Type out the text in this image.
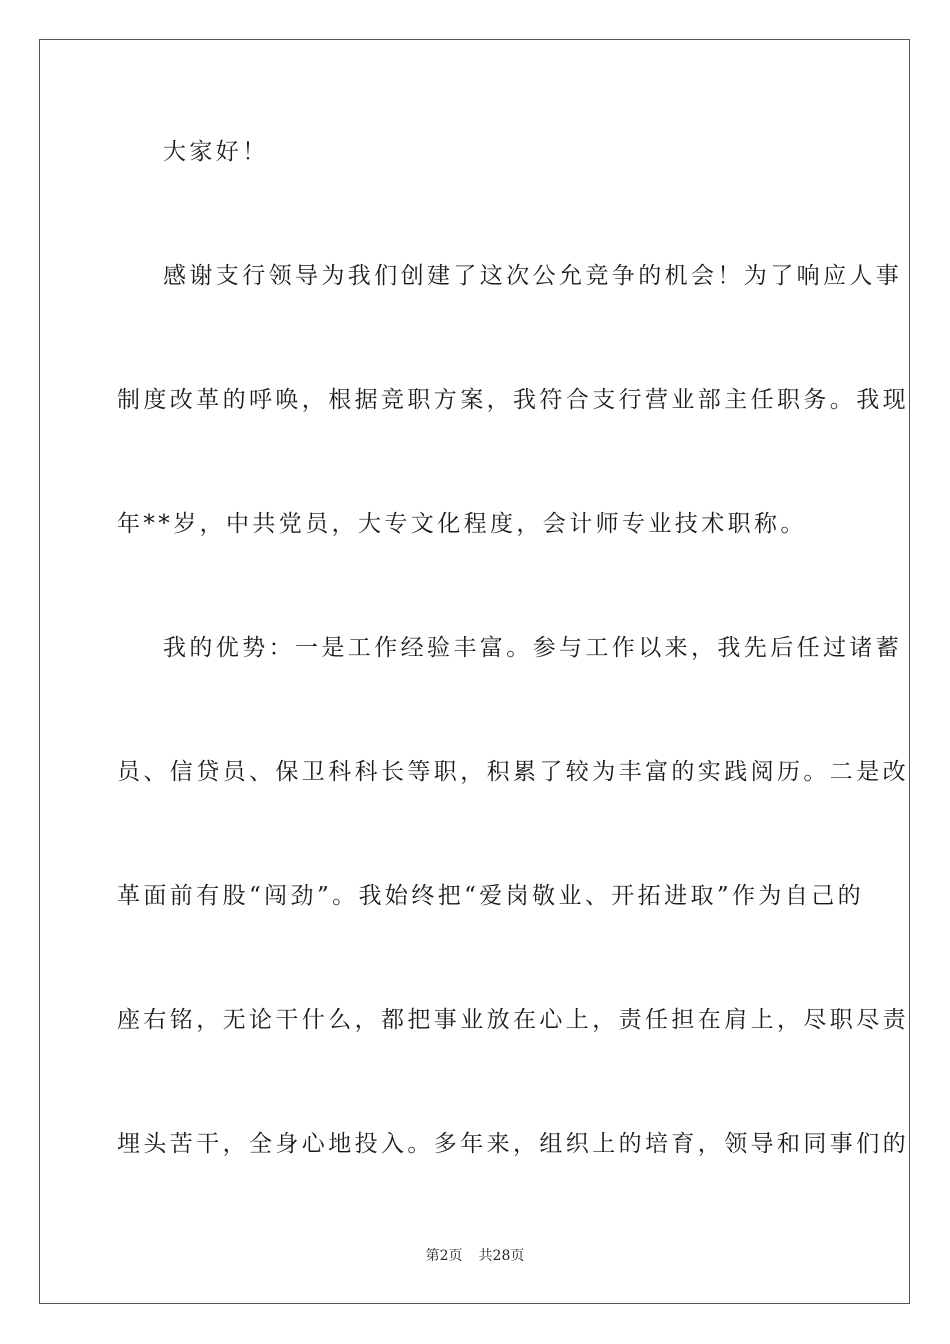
大家好！
感谢支行领导为我们创建了这次公允竞争的机会！为了响应人事
制度改革的呼唤，根据竞职方案，我符合支行营业部主任职务。我现
年**岁，中共党员，大专文化程度，会计师专业技术职称。
我的优势：一是工作经验丰富。参与工作以来，我先后任过诸蓄
员、信贷员、保卫科科长等职，积累了较为丰富的实践阅历。二是改
革面前有股“闯劲”。我始终把“爱岗敬业、开拓进取”作为自己的
座右铭，无论干什么，都把事业放在心上，责任担在肩上，尽职尽责
埋头苦干，全身心地投入。多年来，组织上的培育，领导和同事们的
第2页 共28页
